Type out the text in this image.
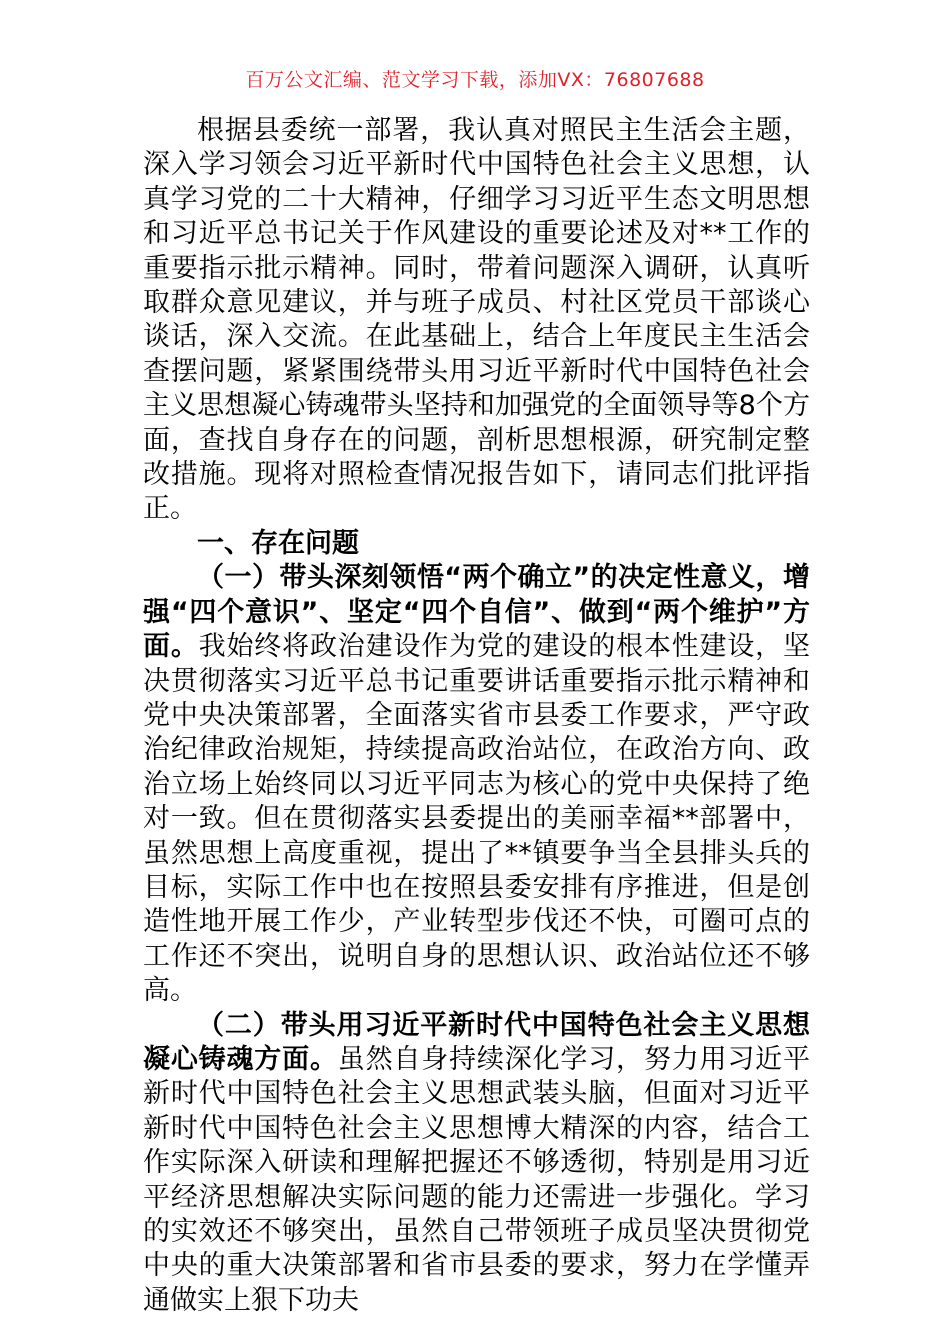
百万公文汇编、范文学习下载，添加VX：76807688

根据县委统一部署，我认真对照民主生活会主题，深入学习领会习近平新时代中国特色社会主义思想，认真学习党的二十大精神，仔细学习习近平生态文明思想和习近平总书记关于作风建设的重要论述及对**工作的重要指示批示精神。同时，带着问题深入调研，认真听取群众意见建议，并与班子成员、村社区党员干部谈心谈话，深入交流。在此基础上，结合上年度民主生活会查摆问题，紧紧围绕带头用习近平新时代中国特色社会主义思想凝心铸魂带头坚持和加强党的全面领导等8个方面，查找自身存在的问题，剖析思想根源，研究制定整改措施。现将对照检查情况报告如下，请同志们批评指正。

一、存在问题

（一）带头深刻领悟“两个确立”的决定性意义，增强“四个意识”、坚定“四个自信”、做到“两个维护”方面。我始终将政治建设作为党的建设的根本性建设，坚决贯彻落实习近平总书记重要讲话重要指示批示精神和党中央决策部署，全面落实省市县委工作要求，严守政治纪律政治规矩，持续提高政治站位，在政治方向、政治立场上始终同以习近平同志为核心的党中央保持了绝对一致。但在贯彻落实县委提出的美丽幸福**部署中，虽然思想上高度重视，提出了**镇要争当全县排头兵的目标，实际工作中也在按照县委安排有序推进，但是创造性地开展工作少，产业转型步伐还不快，可圈可点的工作还不突出，说明自身的思想认识、政治站位还不够高。

（二）带头用习近平新时代中国特色社会主义思想凝心铸魂方面。虽然自身持续深化学习，努力用习近平新时代中国特色社会主义思想武装头脑，但面对习近平新时代中国特色社会主义思想博大精深的内容，结合工作实际深入研读和理解把握还不够透彻，特别是用习近平经济思想解决实际问题的能力还需进一步强化。学习的实效还不够突出，虽然自己带领班子成员坚决贯彻党中央的重大决策部署和省市县委的要求，努力在学懂弄通做实上狠下功夫
